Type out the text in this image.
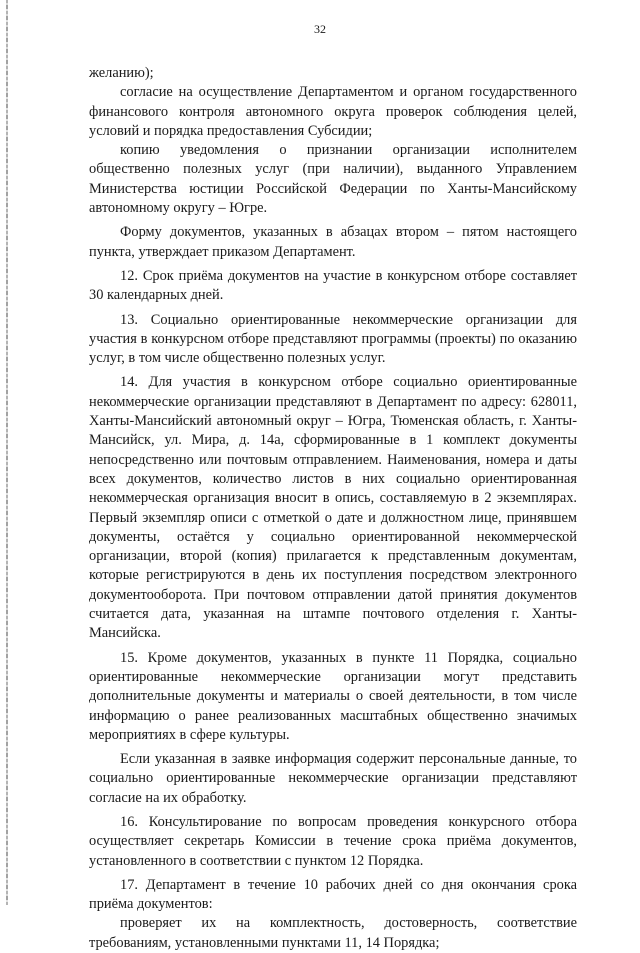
32

желанию);

согласие на осуществление Департаментом и органом государственного финансового контроля автономного округа проверок соблюдения целей, условий и порядка предоставления Субсидии;

копию уведомления о признании организации исполнителем общественно полезных услуг (при наличии), выданного Управлением Министерства юстиции Российской Федерации по Ханты-Мансийскому автономному округу – Югре.

Форму документов, указанных в абзацах втором – пятом настоящего пункта, утверждает приказом Департамент.

12. Срок приёма документов на участие в конкурсном отборе составляет 30 календарных дней.

13. Социально ориентированные некоммерческие организации для участия в конкурсном отборе представляют программы (проекты) по оказанию услуг, в том числе общественно полезных услуг.

14. Для участия в конкурсном отборе социально ориентированные некоммерческие организации представляют в Департамент по адресу: 628011, Ханты-Мансийский автономный округ – Югра, Тюменская область, г. Ханты-Мансийск, ул. Мира, д. 14а, сформированные в 1 комплект документы непосредственно или почтовым отправлением. Наименования, номера и даты всех документов, количество листов в них социально ориентированная некоммерческая организация вносит в опись, составляемую в 2 экземплярах. Первый экземпляр описи с отметкой о дате и должностном лице, принявшем документы, остаётся у социально ориентированной некоммерческой организации, второй (копия) прилагается к представленным документам, которые регистрируются в день их поступления посредством электронного документооборота. При почтовом отправлении датой принятия документов считается дата, указанная на штампе почтового отделения г. Ханты-Мансийска.

15. Кроме документов, указанных в пункте 11 Порядка, социально ориентированные некоммерческие организации могут представить дополнительные документы и материалы о своей деятельности, в том числе информацию о ранее реализованных масштабных общественно значимых мероприятиях в сфере культуры.

Если указанная в заявке информация содержит персональные данные, то социально ориентированные некоммерческие организации представляют согласие на их обработку.

16. Консультирование по вопросам проведения конкурсного отбора осуществляет секретарь Комиссии в течение срока приёма документов, установленного в соответствии с пунктом 12 Порядка.

17. Департамент в течение 10 рабочих дней со дня окончания срока приёма документов:

проверяет их на комплектность, достоверность, соответствие требованиям, установленными пунктами 11, 14 Порядка;
